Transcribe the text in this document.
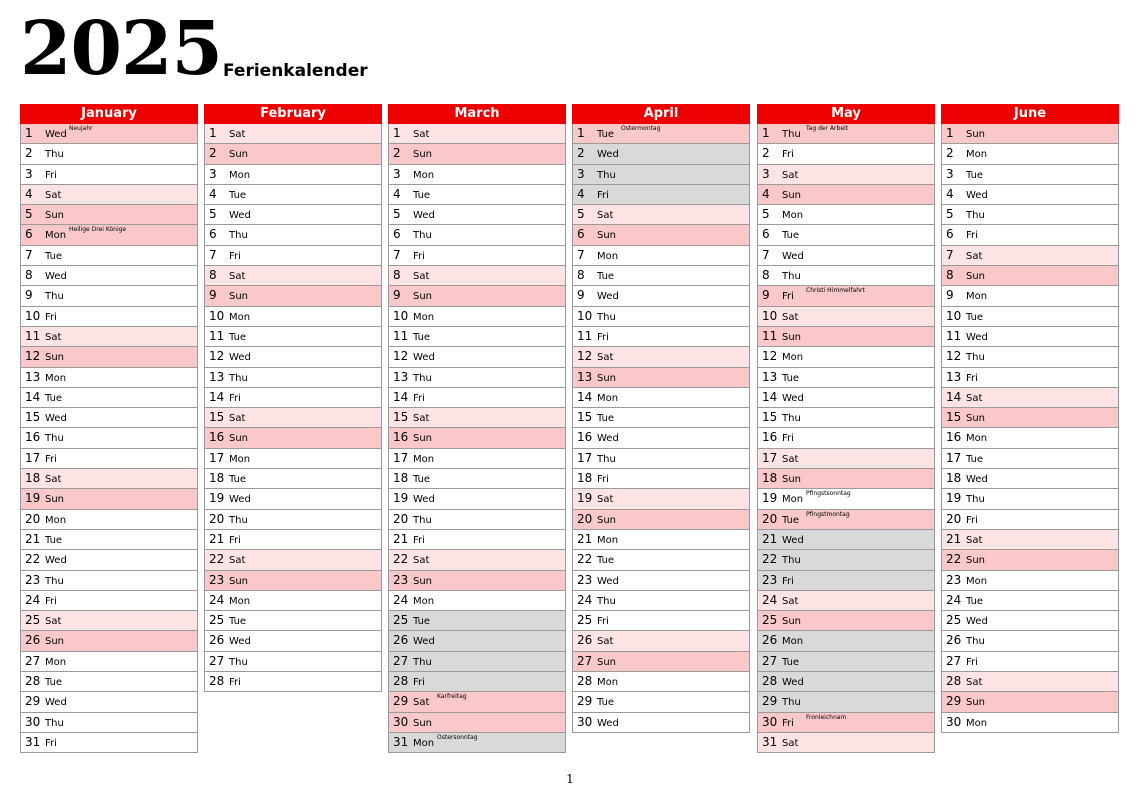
2025 Ferienkalender
January
1 Wed
Neujahr
2 Thu
3 Fri
4 Sat
5 Sun
6 Mon
Heilige Drei Könige
7 Tue
8 Wed
9 Thu
10 Fri
11 Sat
12 Sun
13 Mon
14 Tue
15 Wed
16 Thu
17 Fri
18 Sat
19 Sun
20 Mon
21 Tue
22 Wed
23 Thu
24 Fri
25 Sat
26 Sun
27 Mon
28 Tue
29 Wed
30 Thu
31 Fri
February
1 Sat
2 Sun
3 Mon
4 Tue
5 Wed
6 Thu
7 Fri
8 Sat
9 Sun
10 Mon
11 Tue
12 Wed
13 Thu
14 Fri
15 Sat
16 Sun
17 Mon
18 Tue
19 Wed
20 Thu
21 Fri
22 Sat
23 Sun
24 Mon
25 Tue
26 Wed
27 Thu
28 Fri
March
1 Sat
2 Sun
3 Mon
4 Tue
5 Wed
6 Thu
7 Fri
8 Sat
9 Sun
10 Mon
11 Tue
12 Wed
13 Thu
14 Fri
15 Sat
16 Sun
17 Mon
18 Tue
19 Wed
20 Thu
21 Fri
22 Sat
23 Sun
24 Mon
25 Tue
26 Wed
27 Thu
28 Fri
29 Sat
Karfreitag
30 Sun
31 Mon
Ostersonntag
April
1 Tue
Ostermontag
2 Wed
3 Thu
4 Fri
5 Sat
6 Sun
7 Mon
8 Tue
9 Wed
10 Thu
11 Fri
12 Sat
13 Sun
14 Mon
15 Tue
16 Wed
17 Thu
18 Fri
19 Sat
20 Sun
21 Mon
22 Tue
23 Wed
24 Thu
25 Fri
26 Sat
27 Sun
28 Mon
29 Tue
30 Wed
May
1 Thu
Tag der Arbeit
2 Fri
3 Sat
4 Sun
5 Mon
6 Tue
7 Wed
8 Thu
9 Fri
Christi Himmelfahrt
10 Sat
11 Sun
12 Mon
13 Tue
14 Wed
15 Thu
16 Fri
17 Sat
18 Sun
19 Mon
Pfingstsonntag
20 Tue
Pfingstmontag
21 Wed
22 Thu
23 Fri
24 Sat
25 Sun
26 Mon
27 Tue
28 Wed
29 Thu
30 Fri
Fronleichnam
31 Sat
June
1 Sun
2 Mon
3 Tue
4 Wed
5 Thu
6 Fri
7 Sat
8 Sun
9 Mon
10 Tue
11 Wed
12 Thu
13 Fri
14 Sat
15 Sun
16 Mon
17 Tue
18 Wed
19 Thu
20 Fri
21 Sat
22 Sun
23 Mon
24 Tue
25 Wed
26 Thu
27 Fri
28 Sat
29 Sun
30 Mon
1
